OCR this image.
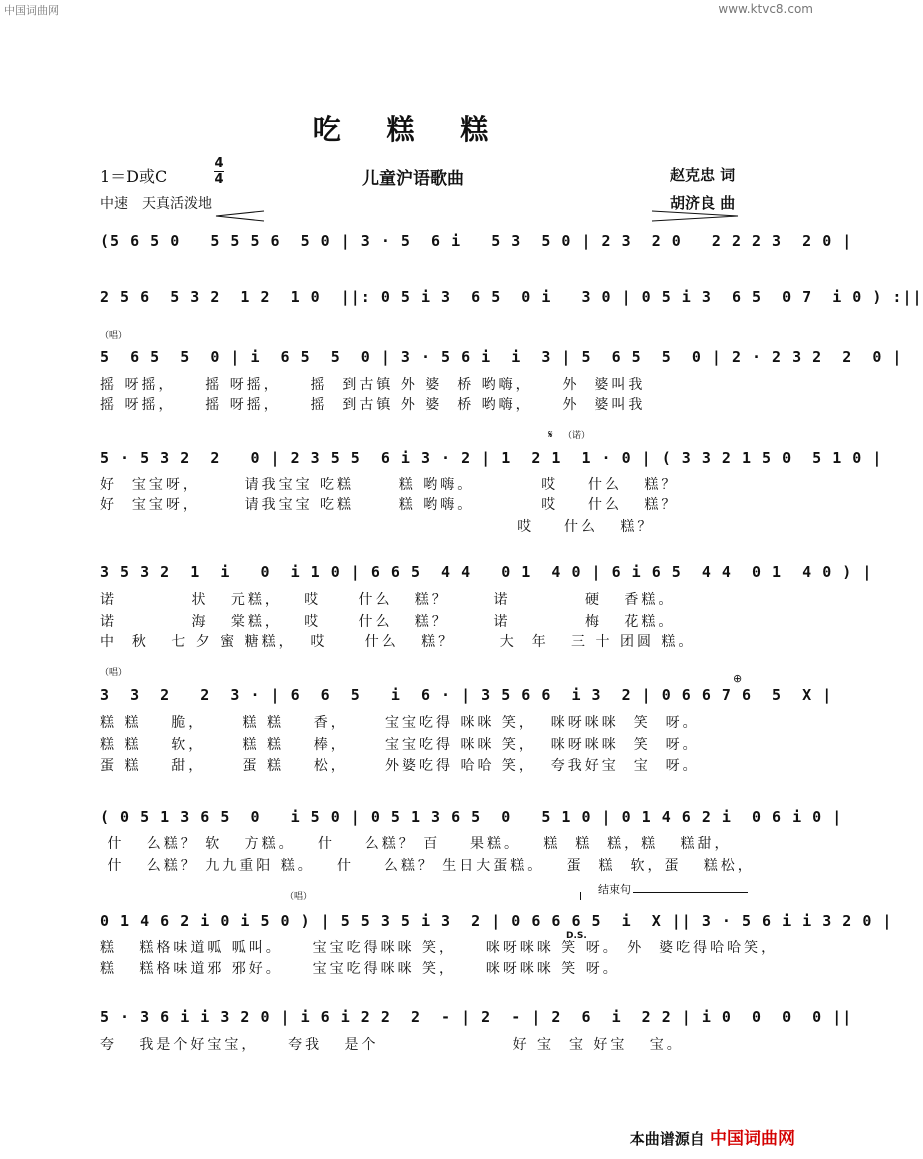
中国词曲网	www.ktvc8.com
吃 糕 糕
1＝D或C
4
4	儿童沪语歌曲	赵克忠 词
胡济良 曲
中速　天真活泼地
𝄋
⊕
D.S.
（唱）
（诺）
（唱）
（唱）
结束句
(5 6 5 0   5 5 5 6  5 0 | 3 · 5  6 i   5 3  5 0 | 2 3  2 0   2 2 2 3  2 0 |
2 5 6  5 3 2  1 2  1 0  ||: 0 5 i 3  6 5  0 i   3 0 | 0 5 i 3  6 5  0 7  i 0 ) :||
5  6 5  5  0 | i  6 5  5  0 | 3 · 5 6 i  i  3 | 5  6 5  5  0 | 2 · 2 3 2  2  0 |
5 · 5 3 2  2   0 | 2 3 5 5  6 i 3 · 2 | 1  2 1  1 · 0 | ( 3 3 2 1 5 0  5 1 0 |
3 5 3 2  1  i   0  i 1 0 | 6 6 5  4 4   0 1  4 0 | 6 i 6 5  4 4  0 1  4 0 ) |
3  3  2   2  3 · | 6  6  5   i  6 · | 3 5 6 6  i 3  2 | 0 6 6 7 6  5  X |
( 0 5 1 3 6 5  0   i 5 0 | 0 5 1 3 6 5  0   5 1 0 | 0 1 4 6 2 i  0 6 i 0 |
0 1 4 6 2 i 0 i 5 0 ) | 5 5 3 5 i 3  2 | 0 6 6 6 5  i  X || 3 · 5 6 i i 3 2 0 |
5 · 3 6 i i 3 2 0 | i 6 i 2 2  2  - | 2  - | 2  6  i  2 2 | i 0  0  0  0 ||
摇 呀摇，    摇 呀摇，    摇  到古镇 外 婆  桥 哟嗨，    外  婆叫我
摇 呀摇，    摇 呀摇，    摇  到古镇 外 婆  桥 哟嗨，    外  婆叫我
好  宝宝呀，      请我宝宝 吃糕      糕 哟嗨。         哎    什么   糕？
好  宝宝呀，      请我宝宝 吃糕      糕 哟嗨。         哎    什么   糕？
哎    什么   糕？
诺          状   元糕，   哎     什么   糕？      诺          硬   香糕。
诺          海   棠糕，   哎     什么   糕？      诺          梅   花糕。
中  秋   七 夕 蜜 糖糕，  哎     什么   糕？      大  年   三 十 团圆 糕。
糕 糕    脆，     糕 糕    香，     宝宝吃得 咪咪 笑，  咪呀咪咪  笑  呀。
糕 糕    软，     糕 糕    棒，     宝宝吃得 咪咪 笑，  咪呀咪咪  笑  呀。
蛋 糕    甜，     蛋 糕    松，     外婆吃得 哈哈 笑，  夸我好宝  宝  呀。
什   么糕？ 软   方糕。   什    么糕？ 百    果糕。   糕  糕  糕，糕   糕甜，
什   么糕？ 九九重阳 糕。   什    么糕？ 生日大蛋糕。   蛋  糕  软，蛋   糕松，
糕   糕格味道呱 呱叫。    宝宝吃得咪咪 笑，    咪呀咪咪 笑 呀。 外  婆吃得哈哈笑，
糕   糕格味道邪 邪好。    宝宝吃得咪咪 笑，    咪呀咪咪 笑 呀。
夸   我是个好宝宝，    夸我   是个                  好 宝  宝 好宝   宝。
本曲谱源自 中国词曲网
